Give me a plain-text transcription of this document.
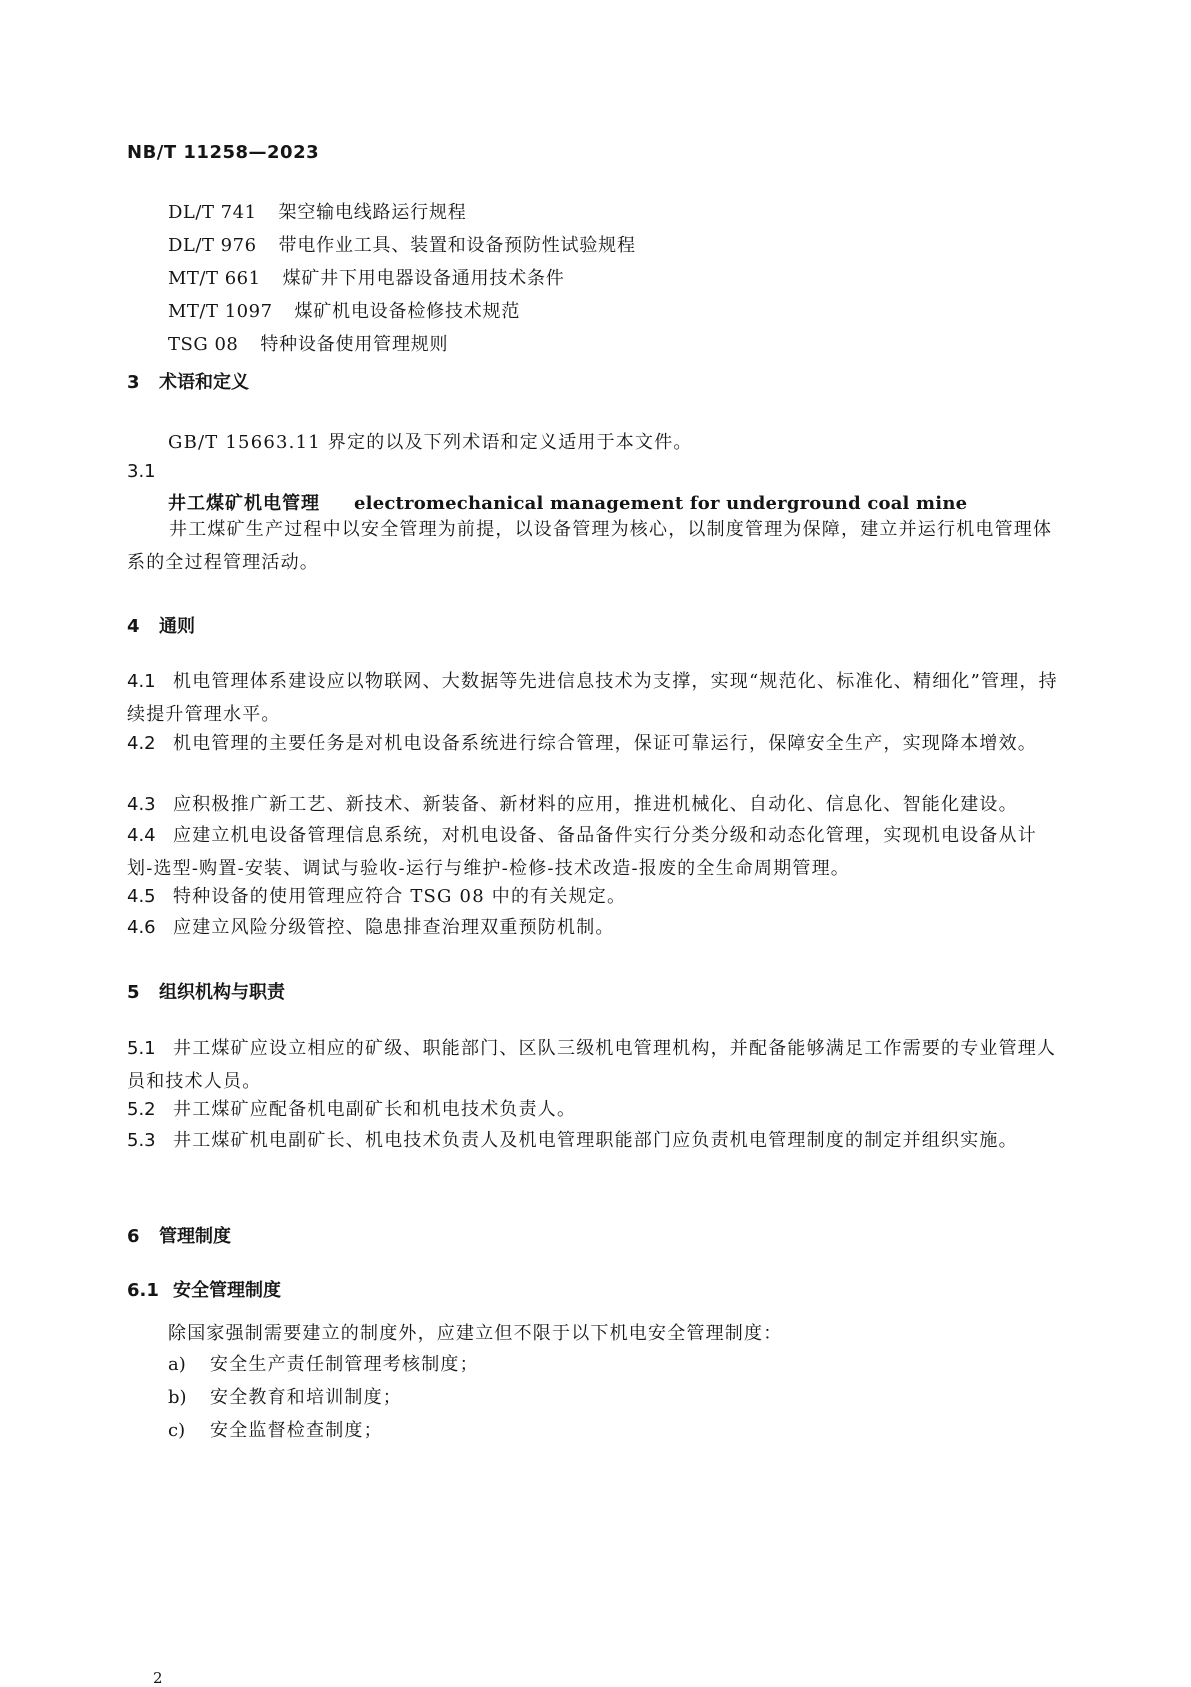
NB/T 11258—2023
DL/T 741 架空输电线路运行规程
DL/T 976 带电作业工具、装置和设备预防性试验规程
MT/T 661 煤矿井下用电器设备通用技术条件
MT/T 1097 煤矿机电设备检修技术规范
TSG 08 特种设备使用管理规则
3 术语和定义
GB/T 15663.11 界定的以及下列术语和定义适用于本文件。
3.1
井工煤矿机电管理 electromechanical management for underground coal mine
井工煤矿生产过程中以安全管理为前提，以设备管理为核心，以制度管理为保障，建立并运行机电管理体系的全过程管理活动。
4 通则
4.1 机电管理体系建设应以物联网、大数据等先进信息技术为支撑，实现“规范化、标准化、精细化”管理，持续提升管理水平。
4.2 机电管理的主要任务是对机电设备系统进行综合管理，保证可靠运行，保障安全生产，实现降本增效。
4.3 应积极推广新工艺、新技术、新装备、新材料的应用，推进机械化、自动化、信息化、智能化建设。
4.4 应建立机电设备管理信息系统，对机电设备、备品备件实行分类分级和动态化管理，实现机电设备从计划-选型-购置-安装、调试与验收-运行与维护-检修-技术改造-报废的全生命周期管理。
4.5 特种设备的使用管理应符合 TSG 08 中的有关规定。
4.6 应建立风险分级管控、隐患排查治理双重预防机制。
5 组织机构与职责
5.1 井工煤矿应设立相应的矿级、职能部门、区队三级机电管理机构，并配备能够满足工作需要的专业管理人员和技术人员。
5.2 井工煤矿应配备机电副矿长和机电技术负责人。
5.3 井工煤矿机电副矿长、机电技术负责人及机电管理职能部门应负责机电管理制度的制定并组织实施。
6 管理制度
6.1 安全管理制度
除国家强制需要建立的制度外，应建立但不限于以下机电安全管理制度：
a) 安全生产责任制管理考核制度；
b) 安全教育和培训制度；
c) 安全监督检查制度；
2
